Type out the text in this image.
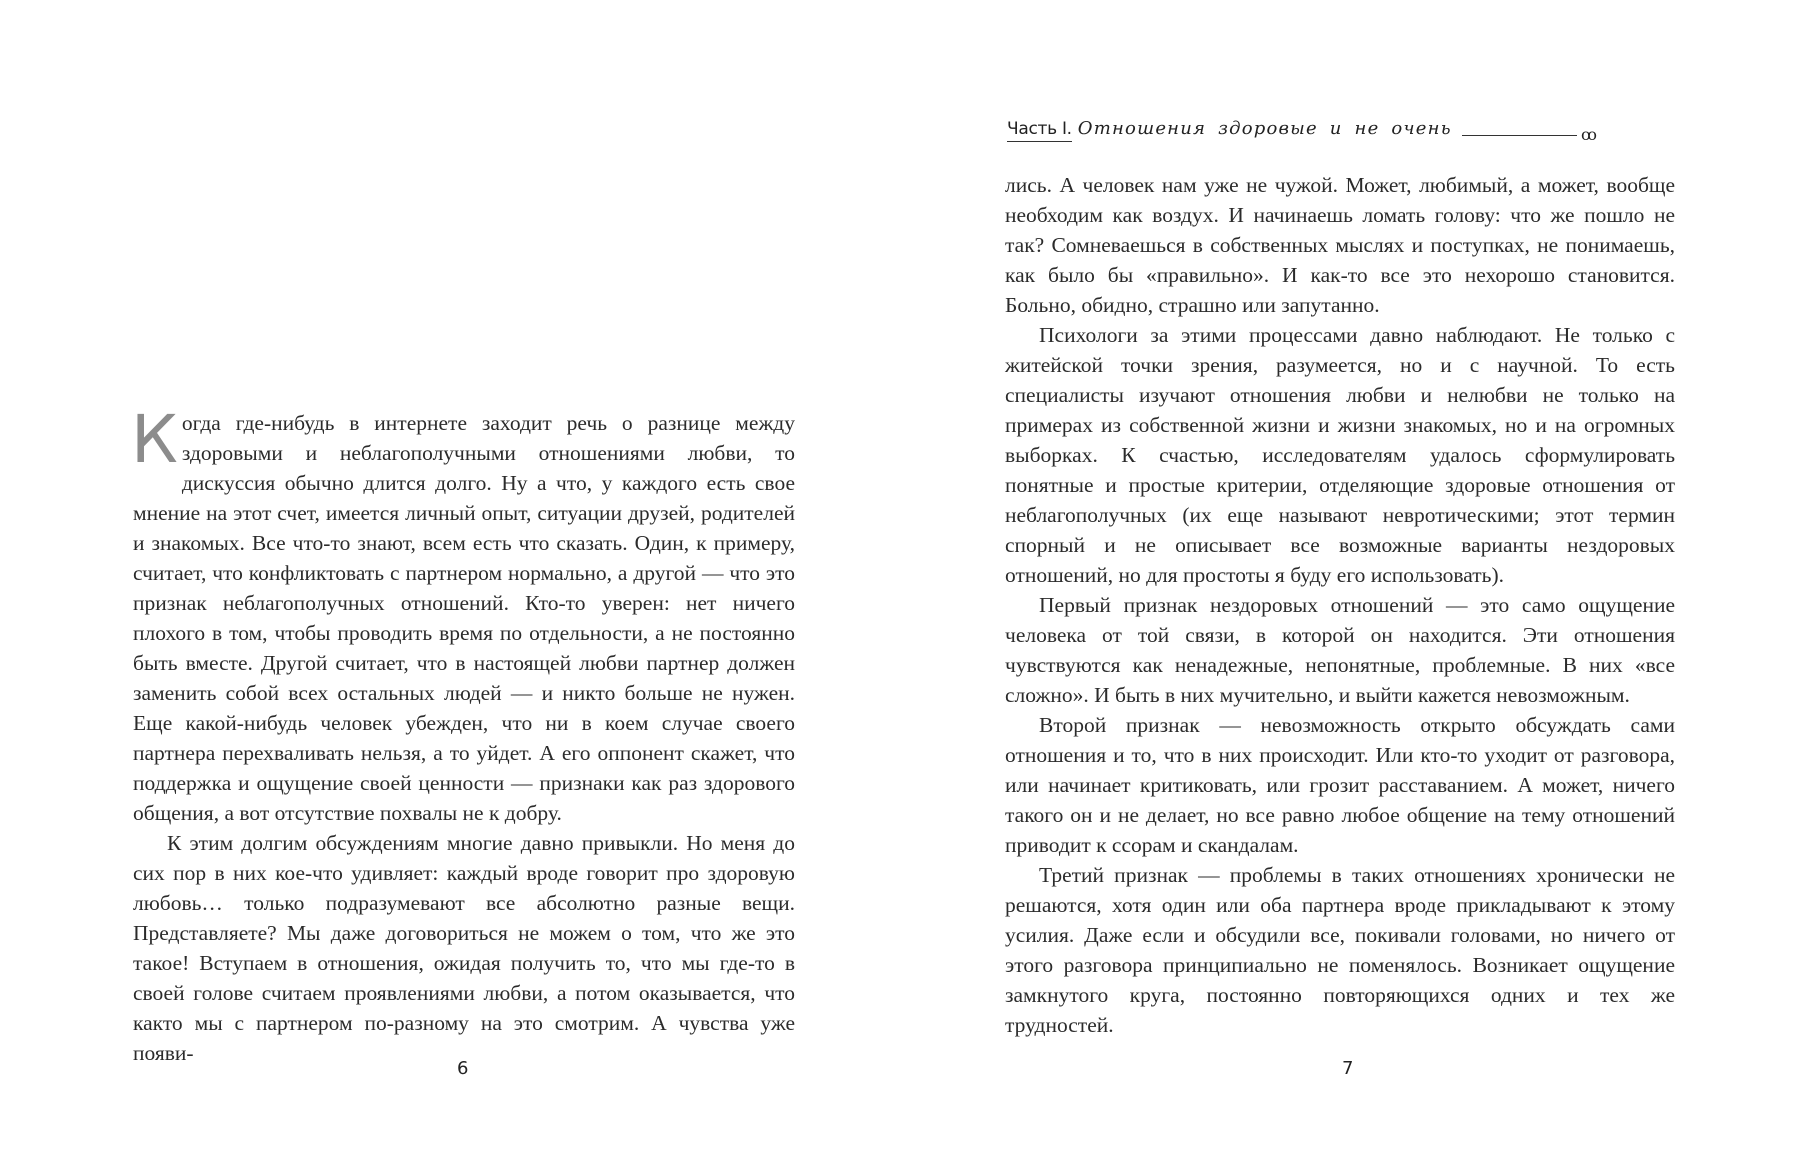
Когда где-нибудь в интернете заходит речь о разнице между здоровыми и неблагополучными отношениями любви, то дискуссия обычно длится долго. Ну а что, у каждого есть свое мнение на этот счет, имеется личный опыт, ситуации друзей, родителей и знакомых. Все что-то знают, всем есть что сказать. Один, к примеру, считает, что конфликтовать с партнером нормально, а другой — что это признак неблагополучных отношений. Кто-то уверен: нет ничего плохого в том, чтобы проводить время по отдельности, а не постоянно быть вместе. Другой считает, что в настоящей любви партнер должен заменить собой всех остальных людей — и никто больше не нужен. Еще какой-нибудь человек убежден, что ни в коем случае своего партнера перехваливать нельзя, а то уйдет. А его оппонент скажет, что поддержка и ощущение своей ценности — признаки как раз здорового общения, а вот отсутствие похвалы не к добру.

К этим долгим обсуждениям многие давно привыкли. Но меня до сих пор в них кое-что удивляет: каждый вроде говорит про здоровую любовь… только подразумевают все абсолютно разные вещи. Представляете? Мы даже договориться не можем о том, что же это такое! Вступаем в отношения, ожидая получить то, что мы где-то в своей голове считаем проявлениями любви, а потом оказывается, что както мы с партнером по-разному на это смотрим. А чувства уже появи-

6
Часть I. Отношения здоровые и не очень	ꝏ

лись. А человек нам уже не чужой. Может, любимый, а может, вообще необходим как воздух. И начинаешь ломать голову: что же пошло не так? Сомневаешься в собственных мыслях и поступках, не понимаешь, как было бы «правильно». И как-то все это нехорошо становится. Больно, обидно, страшно или запутанно.

Психологи за этими процессами давно наблюдают. Не только с житейской точки зрения, разумеется, но и с научной. То есть специалисты изучают отношения любви и нелюбви не только на примерах из собственной жизни и жизни знакомых, но и на огромных выборках. К счастью, исследователям удалось сформулировать понятные и простые критерии, отделяющие здоровые отношения от неблагополучных (их еще называют невротическими; этот термин спорный и не описывает все возможные варианты нездоровых отношений, но для простоты я буду его использовать).

Первый признак нездоровых отношений — это само ощущение человека от той связи, в которой он находится. Эти отношения чувствуются как ненадежные, непонятные, проблемные. В них «все сложно». И быть в них мучительно, и выйти кажется невозможным.

Второй признак — невозможность открыто обсуждать сами отношения и то, что в них происходит. Или кто-то уходит от разговора, или начинает критиковать, или грозит расставанием. А может, ничего такого он и не делает, но все равно любое общение на тему отношений приводит к ссорам и скандалам.

Третий признак — проблемы в таких отношениях хронически не решаются, хотя один или оба партнера вроде прикладывают к этому усилия. Даже если и обсудили все, покивали головами, но ничего от этого разговора принципиально не поменялось. Возникает ощущение замкнутого круга, постоянно повторяющихся одних и тех же трудностей.

7
